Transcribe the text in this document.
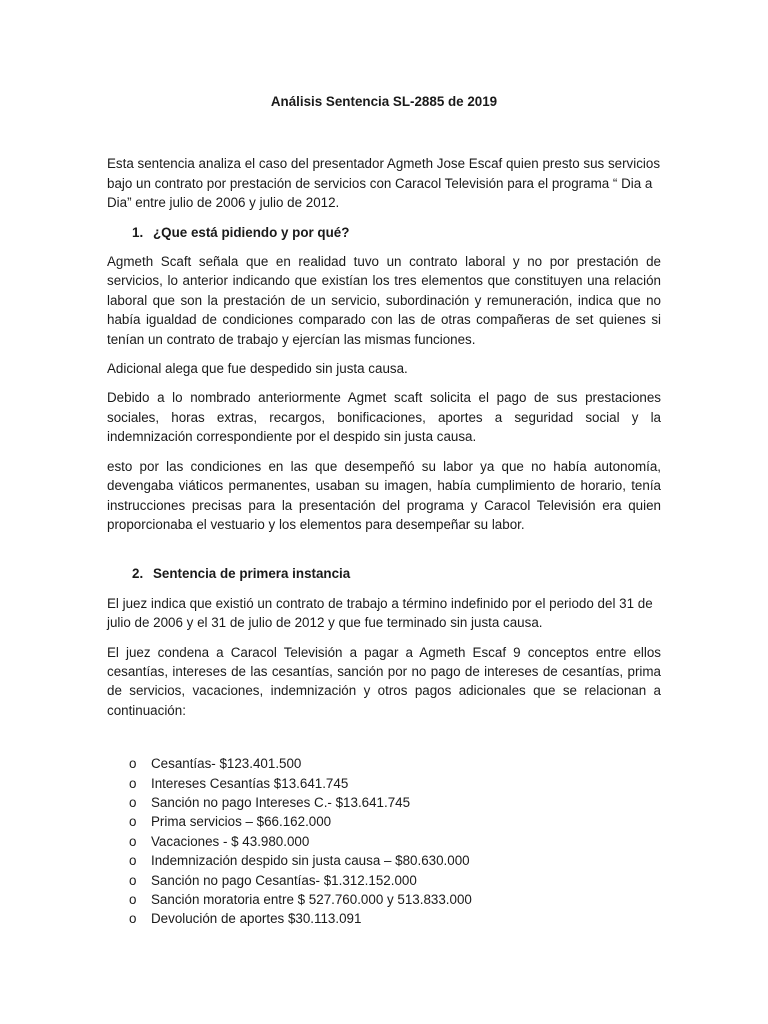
Análisis Sentencia SL-2885 de 2019

Esta sentencia analiza el caso del presentador Agmeth Jose Escaf quien presto sus servicios bajo un contrato por prestación de servicios con Caracol Televisión para el programa “ Dia a Dia” entre julio de 2006 y julio de 2012.

1. ¿Que está pidiendo y por qué?

Agmeth Scaft señala que en realidad tuvo un contrato laboral y no por prestación de servicios, lo anterior indicando que existían los tres elementos que constituyen una relación laboral que son la prestación de un servicio, subordinación y remuneración, indica que no había igualdad de condiciones comparado con las de otras compañeras de set quienes si tenían un contrato de trabajo y ejercían las mismas funciones.

Adicional alega que fue despedido sin justa causa.

Debido a lo nombrado anteriormente Agmet scaft solicita el pago de sus prestaciones sociales, horas extras, recargos, bonificaciones, aportes a seguridad social y la indemnización correspondiente por el despido sin justa causa.

esto por las condiciones en las que desempeñó su labor ya que no había autonomía, devengaba viáticos permanentes, usaban su imagen, había cumplimiento de horario, tenía instrucciones precisas para la presentación del programa y Caracol Televisión era quien proporcionaba el vestuario y los elementos para desempeñar su labor.

2. Sentencia de primera instancia

El juez indica que existió un contrato de trabajo a término indefinido por el periodo del 31 de julio de 2006 y el 31 de julio de 2012 y que fue terminado sin justa causa.

El juez condena a Caracol Televisión a pagar a Agmeth Escaf 9 conceptos entre ellos cesantías, intereses de las cesantías, sanción por no pago de intereses de cesantías, prima de servicios, vacaciones, indemnización y otros pagos adicionales que se relacionan a continuación:

o	Cesantías- $123.401.500
o	Intereses Cesantías $13.641.745
o	Sanción no pago Intereses C.- $13.641.745
o	Prima servicios – $66.162.000
o	Vacaciones - $ 43.980.000
o	Indemnización despido sin justa causa – $80.630.000
o	Sanción no pago Cesantías- $1.312.152.000
o	Sanción moratoria entre $ 527.760.000 y 513.833.000
o	Devolución de aportes $30.113.091
